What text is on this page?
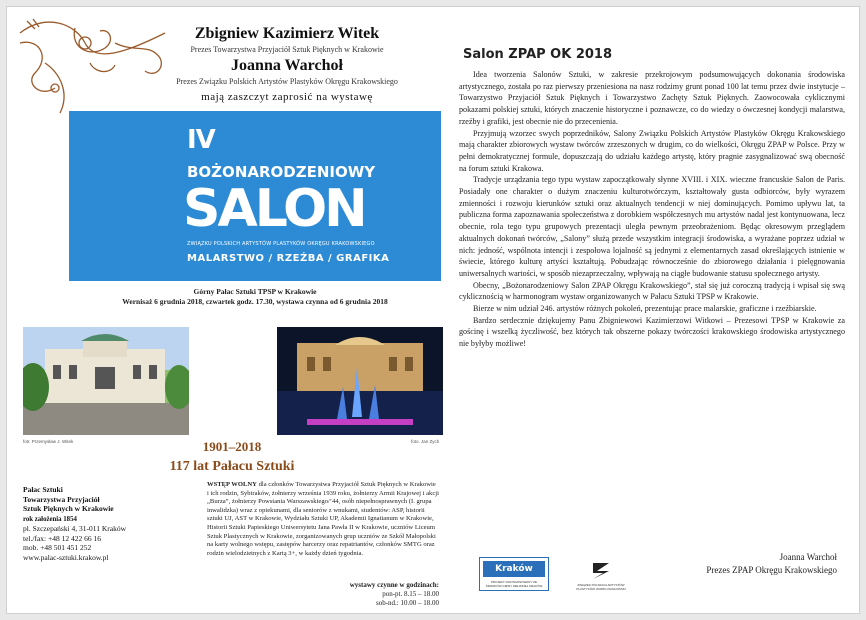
Zbigniew Kazimierz Witek
Prezes Towarzystwa Przyjaciół Sztuk Pięknych w Krakowie
Joanna Warchoł
Prezes Związku Polskich Artystów Plastyków Okręgu Krakowskiego
mają zaszczyt zaprosić na wystawę
IV
BOŻONARODZENIOWY
SALON
ZWIĄZKU POLSKICH ARTYSTÓW PLASTYKÓW OKRĘGU KRAKOWSKIEGO
MALARSTWO / RZEŹBA / GRAFIKA
Górny Pałac Sztuki TPSP w Krakowie
Wernisaż 6 grudnia 2018, czwartek godz. 17.30, wystawa czynna od 6 grudnia 2018
fotr. Przemysław J. Witek	foto. Jan Zych
1901–2018
117 lat Pałacu Sztuki
Pałac Sztuki
Towarzystwa Przyjaciół
Sztuk Pięknych w Krakowie
rok założenia 1854
pl. Szczepański 4, 31-011 Kraków
tel./fax: +48 12 422 66 16
mob. +48 501 451 252
www.palac-sztuki.krakow.pl
WSTĘP WOLNY dla członków Towarzystwa Przyjaciół Sztuk Pięknych w Krakowie i ich rodzin, Sybiraków, żołnierzy września 1939 roku, żołnierzy Armii Krajowej i akcji „Burza”, żołnierzy Powstania Warszawskiego/’44, osób niepełnosprawnych (I. grupa inwalidzka) wraz z opiekunami, dla seniorów z wnukami, studentów: ASP, historii sztuki UJ, AST w Krakowie, Wydziału Sztuki UP, Akademii Ignatianum w Krakowie, Historii Sztuki Papieskiego Uniwersytetu Jana Pawła II w Krakowie, uczniów Liceum Sztuk Plastycznych w Krakowie, zorganizowanych grup uczniów ze Szkół Małopolski na karty wolnego wstępu, zastępów harcerzy oraz repatriantów, członków SMTG oraz rodzin wielodzietnych z Kartą 3+, w każdy dzień tygodnia.
wystawy czynne w godzinach:
pon-pt. 8.15 – 18.00
sob-nd.: 10.00 – 18.00
Salon ZPAP OK 2018

Idea tworzenia Salonów Sztuki, w zakresie przekrojowym podsumowujących dokonania środowiska artystycznego, została po raz pierwszy przeniesiona na nasz rodzimy grunt ponad 100 lat temu przez dwie instytucje – Towarzystwo Przyjaciół Sztuk Pięknych i Towarzystwo Zachęty Sztuk Pięknych. Zaowocowała cyklicznymi pokazami polskiej sztuki, których znaczenie historyczne i poznawcze, co do wiedzy o ówczesnej kondycji malarstwa, rzeźby i grafiki, jest obecnie nie do przecenienia.

Przyjmują wzorzec swych poprzedników, Salony Związku Polskich Artystów Plastyków Okręgu Krakowskiego mają charakter zbiorowych wystaw twórców zrzeszonych w drugim, co do wielkości, Okręgu ZPAP w Polsce. Przy w pełni demokratycznej formule, dopuszczają do udziału każdego artystę, który pragnie zasygnalizować swą obecność na forum sztuki Krakowa.

Tradycje urządzania tego typu wystaw zapoczątkowały słynne XVIII. i XIX. wieczne francuskie Salon de Paris. Posiadały one charakter o dużym znaczeniu kulturotwórczym, kształtowały gusta odbiorców, były wyrazem zmienności i rozwoju kierunków sztuki oraz aktualnych tendencji w niej dominujących. Pomimo upływu lat, ta publiczna forma zapoznawania społeczeństwa z dorobkiem współczesnych mu artystów nadal jest kontynuowana, lecz obecnie, rola tego typu grupowych prezentacji uległa pewnym przeobrażeniom. Będąc okresowym przeglądem aktualnych dokonań twórców, „Salony” służą przede wszystkim integracji środowiska, a wyrażane poprzez udział w nich: jedność, wspólnota intencji i zespołowa lojalność są jednymi z elementarnych zasad określających istnienie w świecie, którego kulturę artyści kształtują. Pobudzając równocześnie do zbiorowego działania i pielęgnowania uniwersalnych wartości, w sposób niezaprzeczalny, wpływają na ciągłe budowanie statusu społecznego artysty.

Obecny, „Bożonarodzeniowy Salon ZPAP Okręgu Krakowskiego”, stał się już coroczną tradycją i wpisał się swą cyklicznością w harmonogram wystaw organizowanych w Pałacu Sztuki TPSP w Krakowie.

Bierze w nim udział 246. artystów różnych pokoleń, prezentując prace malarskie, graficzne i rzeźbiarskie.

Bardzo serdecznie dziękujemy Panu Zbigniewowi Kazimierzowi Witkowi – Prezesowi TPSP w Krakowie za gościnę i wszelką życzliwość, bez których tak obszerne pokazy twórczości krakowskiego środowiska artystycznego nie byłyby możliwe!

Kraków
PROJEKT DOFINANSOWANY ZE ŚRODKÓW GMINY MIEJSKIEJ KRAKÓW	ZWIĄZEK POLSKICH ARTYSTÓW PLASTYKÓW OKRĘG KRAKOWSKI
Joanna Warchoł
Prezes ZPAP Okręgu Krakowskiego
